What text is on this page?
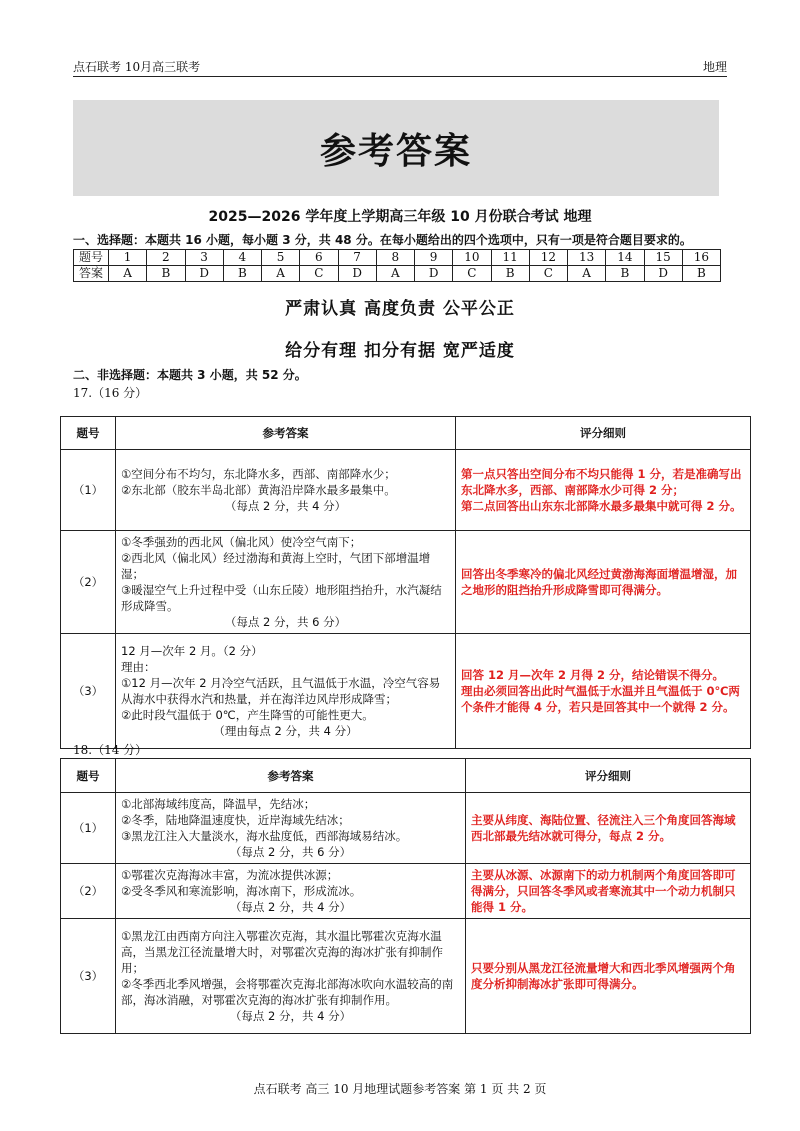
点石联考 10月高三联考	地理
参考答案
2025—2026 学年度上学期高三年级 10 月份联合考试 地理
一、选择题：本题共 16 小题，每小题 3 分，共 48 分。在每小题给出的四个选项中，只有一项是符合题目要求的。
题号	1	2	3	4	5	6	7	8	9	10	11	12	13	14	15	16
答案	A	B	D	B	A	C	D	A	D	C	B	C	A	B	D	B
严肃认真 高度负责 公平公正
给分有理 扣分有据 宽严适度
二、非选择题：本题共 3 小题，共 52 分。
17.（16 分）
题号	参考答案	评分细则
（1）	①空间分布不均匀，东北降水多，西部、南部降水少；
②东北部（胶东半岛北部）黄海沿岸降水最多最集中。
（每点 2 分，共 4 分）	第一点只答出空间分布不均只能得 1 分，若是准确写出东北降水多，西部、南部降水少可得 2 分；
第二点回答出山东东北部降水最多最集中就可得 2 分。

（2）	①冬季强劲的西北风（偏北风）使冷空气南下；
②西北风（偏北风）经过渤海和黄海上空时，气团下部增温增湿；
③暖湿空气上升过程中受（山东丘陵）地形阻挡抬升，水汽凝结形成降雪。
（每点 2 分，共 6 分）	回答出冬季寒冷的偏北风经过黄渤海海面增温增湿，加之地形的阻挡抬升形成降雪即可得满分。

（3）	12 月—次年 2 月。（2 分）
理由：
①12 月—次年 2 月冷空气活跃，且气温低于水温，冷空气容易从海水中获得水汽和热量，并在海洋边风岸形成降雪；
②此时段气温低于 0℃，产生降雪的可能性更大。
（理由每点 2 分，共 4 分）	回答 12 月—次年 2 月得 2 分，结论错误不得分。
理由必须回答出此时气温低于水温并且气温低于 0℃两个条件才能得 4 分，若只是回答其中一个就得 2 分。
18.（14 分）
题号	参考答案	评分细则
（1）	①北部海域纬度高，降温早，先结冰；
②冬季，陆地降温速度快，近岸海域先结冰；
③黑龙江注入大量淡水，海水盐度低，西部海域易结冰。
（每点 2 分，共 6 分）	主要从纬度、海陆位置、径流注入三个角度回答海域西北部最先结冰就可得分，每点 2 分。

（2）	①鄂霍次克海海冰丰富，为流冰提供冰源；
②受冬季风和寒流影响，海冰南下，形成流冰。
（每点 2 分，共 4 分）	主要从冰源、冰源南下的动力机制两个角度回答即可得满分，只回答冬季风或者寒流其中一个动力机制只能得 1 分。

（3）	①黑龙江由西南方向注入鄂霍次克海，其水温比鄂霍次克海水温高，当黑龙江径流量增大时，对鄂霍次克海的海冰扩张有抑制作用；
②冬季西北季风增强，会将鄂霍次克海北部海冰吹向水温较高的南部，海冰消融，对鄂霍次克海的海冰扩张有抑制作用。
（每点 2 分，共 4 分）	只要分别从黑龙江径流量增大和西北季风增强两个角度分析抑制海冰扩张即可得满分。
点石联考 高三 10 月地理试题参考答案 第 1 页 共 2 页
